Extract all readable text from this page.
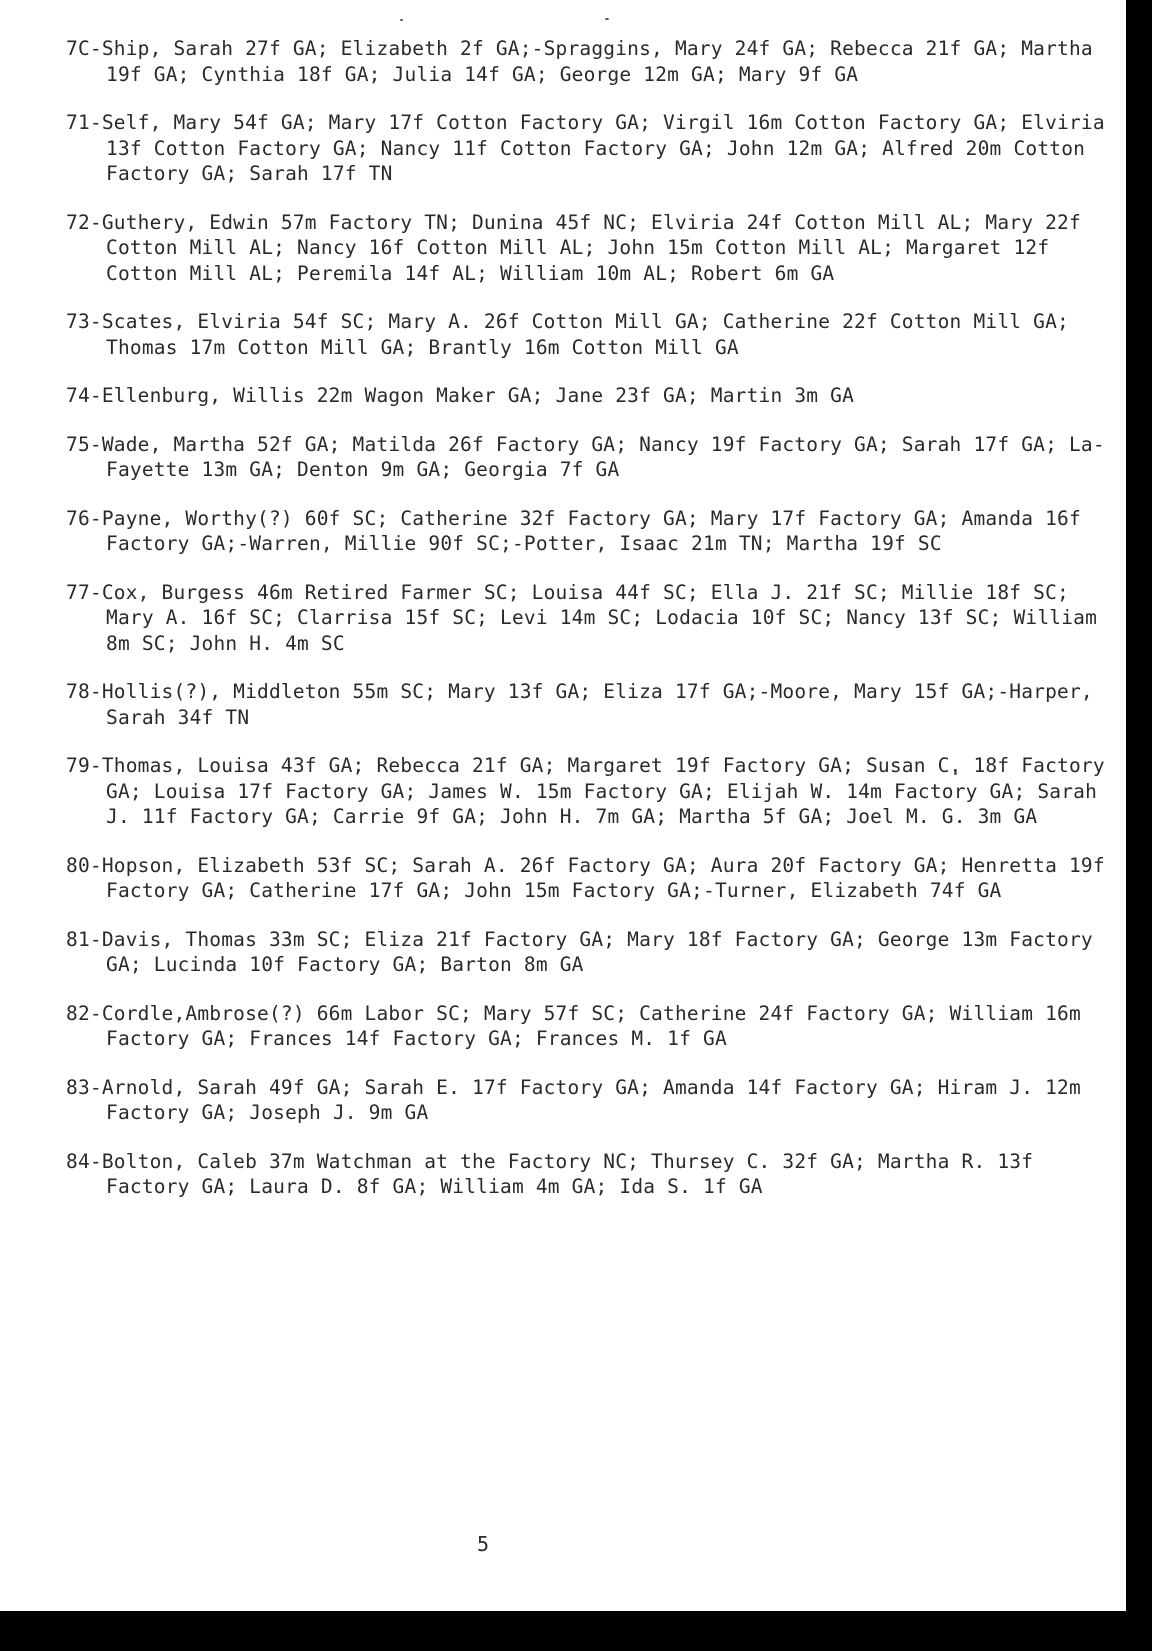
7C-Ship, Sarah 27f GA; Elizabeth 2f GA;-Spraggins, Mary 24f GA; Rebecca 21f GA; Martha 19f GA; Cynthia 18f GA; Julia 14f GA; George 12m GA; Mary 9f GA
71-Self, Mary 54f GA; Mary 17f Cotton Factory GA; Virgil 16m Cotton Factory GA; Elviria 13f Cotton Factory GA; Nancy 11f Cotton Factory GA; John 12m GA; Alfred 20m Cotton Factory GA; Sarah 17f TN
72-Guthery, Edwin 57m Factory TN; Dunina 45f NC; Elviria 24f Cotton Mill AL; Mary 22f Cotton Mill AL; Nancy 16f Cotton Mill AL; John 15m Cotton Mill AL; Margaret 12f Cotton Mill AL; Peremila 14f AL; William 10m AL; Robert 6m GA
73-Scates, Elviria 54f SC; Mary A. 26f Cotton Mill GA; Catherine 22f Cotton Mill GA; Thomas 17m Cotton Mill GA; Brantly 16m Cotton Mill GA
74-Ellenburg, Willis 22m Wagon Maker GA; Jane 23f GA; Martin 3m GA
75-Wade, Martha 52f GA; Matilda 26f Factory GA; Nancy 19f Factory GA; Sarah 17f GA; La-Fayette 13m GA; Denton 9m GA; Georgia 7f GA
76-Payne, Worthy(?) 60f SC; Catherine 32f Factory GA; Mary 17f Factory GA; Amanda 16f Factory GA;-Warren, Millie 90f SC;-Potter, Isaac 21m TN; Martha 19f SC
77-Cox, Burgess 46m Retired Farmer SC; Louisa 44f SC; Ella J. 21f SC; Millie 18f SC; Mary A. 16f SC; Clarrisa 15f SC; Levi 14m SC; Lodacia 10f SC; Nancy 13f SC; William 8m SC; John H. 4m SC
78-Hollis(?), Middleton 55m SC; Mary 13f GA; Eliza 17f GA;-Moore, Mary 15f GA;-Harper, Sarah 34f TN
79-Thomas, Louisa 43f GA; Rebecca 21f GA; Margaret 19f Factory GA; Susan C. 18f Factory GA; Louisa 17f Factory GA; James W. 15m Factory GA; Elijah W. 14m Factory GA; Sarah J. 11f Factory GA; Carrie 9f GA; John H. 7m GA; Martha 5f GA; Joel M. G. 3m GA
80-Hopson, Elizabeth 53f SC; Sarah A. 26f Factory GA; Aura 20f Factory GA; Henretta 19f Factory GA; Catherine 17f GA; John 15m Factory GA;-Turner, Elizabeth 74f GA
81-Davis, Thomas 33m SC; Eliza 21f Factory GA; Mary 18f Factory GA; George 13m Factory GA; Lucinda 10f Factory GA; Barton 8m GA
82-Cordle,Ambrose(?) 66m Labor SC; Mary 57f SC; Catherine 24f Factory GA; William 16m Factory GA; Frances 14f Factory GA; Frances M. 1f GA
83-Arnold, Sarah 49f GA; Sarah E. 17f Factory GA; Amanda 14f Factory GA; Hiram J. 12m Factory GA; Joseph J. 9m GA
84-Bolton, Caleb 37m Watchman at the Factory NC; Thursey C. 32f GA; Martha R. 13f Factory GA; Laura D. 8f GA; William 4m GA; Ida S. 1f GA
5
